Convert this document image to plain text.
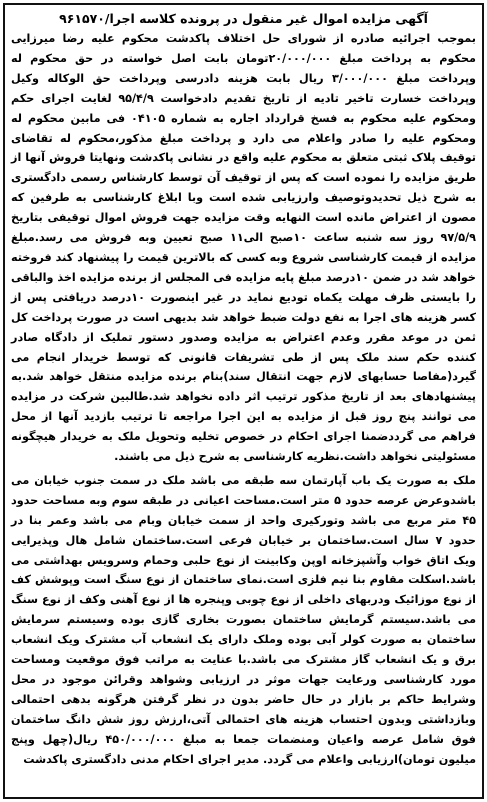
آگهی مزایده اموال غیر منقول در پرونده کلاسه اجرا/۹۶۱۵۷۰

بموجب اجرائیه صادره از شورای حل اختلاف پاکدشت محکوم علیه رضا میرزایی محکوم به پرداخت مبلغ ۲۰/۰۰۰/۰۰۰تومان بابت اصل خواسته در حق محکوم له وپرداخت مبلغ ۳/۰۰۰/۰۰۰ ریال بابت هزینه دادرسی وپرداخت حق الوکاله وکیل وپرداخت خسارت تاخیر تادیه از تاریخ تقدیم دادخواست ۹۵/۴/۹ لغایت اجرای حکم ومحکوم علیه محکوم به فسخ قرارداد اجاره به شماره ۰۴۱۰۵ فی مابین محکوم له ومحکوم علیه را صادر واعلام می دارد و پرداخت مبلغ مذکور،محکوم له تقاضای توقیف پلاک ثبتی متعلق به محکوم علیه واقع در نشانی پاکدشت ونهایتا فروش آنها از طریق مزایده را نموده است که پس از توقیف آن توسط کارشناس رسمی دادگستری به شرح ذیل تحدیدوتوصیف وارزیابی شده است وبا ابلاغ کارشناسی به طرفین که مصون از اعتراض مانده است النهایه وقت مزایده جهت فروش اموال توقیفی بتاریخ ۹۷/۵/۹ روز سه شنبه ساعت ۱۰صبح الی۱۱ صبح تعیین وبه فروش می رسد.مبلغ مزایده از قیمت کارشناسی شروع وبه کسی که بالاترین قیمت را پیشنهاد کند فروخته خواهد شد در ضمن ۱۰درصد مبلغ پایه مزایده فی المجلس از برنده مزایده اخذ والباقی را بایستی ظرف مهلت یکماه تودیع نماید در غیر اینصورت ۱۰درصد دریافتی پس از کسر هزینه های اجرا به نفع دولت ضبط خواهد شد بدیهی است در صورت پرداخت کل ثمن در موعد مقرر وعدم اعتراض به مزایده وصدور دستور تملیک از دادگاه صادر کننده حکم سند ملک پس از طی تشریفات قانونی که توسط خریدار انجام می گیرد(مفاصا حسابهای لازم جهت انتقال سند)بنام برنده مزایده منتقل خواهد شد.به پیشنهادهای بعد از تاریخ مذکور ترتیب اثر داده نخواهد شد.طالبین شرکت در مزایده می توانند پنج روز قبل از مزایده به این اجرا مراجعه تا ترتیب بازدید آنها از محل فراهم می گرددضمنا اجرای احکام در خصوص تخلیه وتحویل ملک به خریدار هیچگونه مسئولیتی نخواهد داشت.نظریه کارشناسی به شرح ذیل می باشند.

ملک به صورت یک باب آپارتمان سه طبقه می باشد ملک در سمت جنوب خیابان می باشدوعرض عرصه حدود ۵ متر است.مساحت اعیانی در طبقه سوم وبه مساحت حدود ۴۵ متر مربع می باشد وتورکیری واحد از سمت خیابان وبام می باشد وعمر بنا در حدود ۷ سال است.ساختمان بر خیابان فرعی است.ساختمان شامل هال وپذیرایی ویک اتاق خواب وآشپزخانه اوپن وکابینت از نوع حلبی وحمام وسرویس بهداشتی می باشد.اسکلت مقاوم بنا نیم فلزی است.نمای ساختمان از نوع سنگ است وپوشش کف از نوع موزائیک ودربهای داخلی از نوع چوبی وپنجره ها از نوع آهنی وکف از نوع سنگ می باشد.سیستم گرمایش ساختمان بصورت بخاری گازی بوده وسیستم سرمایش ساختمان به صورت کولر آبی بوده وملک دارای یک انشعاب آب مشترک ویک انشعاب برق و یک انشعاب گاز مشترک می باشد.با عنایت به مراتب فوق موقعیت ومساحت مورد کارشناسی ورعایت جهات موثر در ارزیابی وشواهد وقرائن موجود در محل وشرایط حاکم بر بازار در حال حاضر بدون در نظر گرفتن هرگونه بدهی احتمالی وبازداشتی وبدون احتساب هزینه های احتمالی آتی،ارزش روز شش دانگ ساختمان فوق شامل عرصه واعیان ومنضمات جمعا به مبلغ ۴۵۰/۰۰۰/۰۰۰ ریال(چهل وپنج میلیون تومان)ارزیابی واعلام می گردد. مدیر اجرای احکام مدنی دادگستری پاکدشت
